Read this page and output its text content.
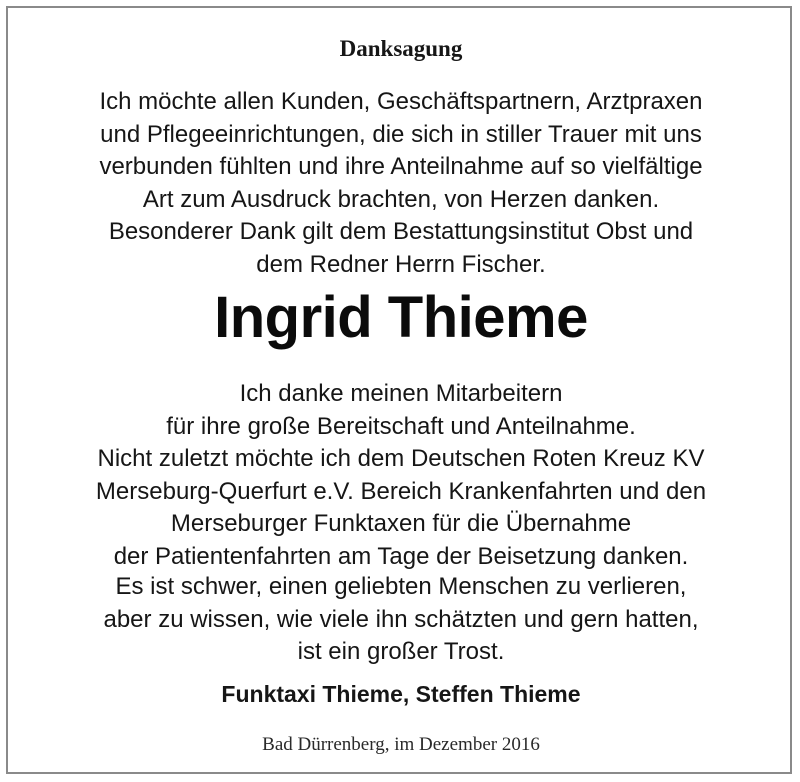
Danksagung
Ich möchte allen Kunden, Geschäftspartnern, Arztpraxen
und Pflegeeinrichtungen, die sich in stiller Trauer mit uns
verbunden fühlten und ihre Anteilnahme auf so vielfältige
Art zum Ausdruck brachten, von Herzen danken.
Besonderer Dank gilt dem Bestattungsinstitut Obst und
dem Redner Herrn Fischer.
Ingrid Thieme
Ich danke meinen Mitarbeitern
für ihre große Bereitschaft und Anteilnahme.
Nicht zuletzt möchte ich dem Deutschen Roten Kreuz KV
Merseburg-Querfurt e.V. Bereich Krankenfahrten und den
Merseburger Funktaxen für die Übernahme
der Patientenfahrten am Tage der Beisetzung danken.
Es ist schwer, einen geliebten Menschen zu verlieren,
aber zu wissen, wie viele ihn schätzten und gern hatten,
ist ein großer Trost.
Funktaxi Thieme, Steffen Thieme
Bad Dürrenberg, im Dezember 2016
